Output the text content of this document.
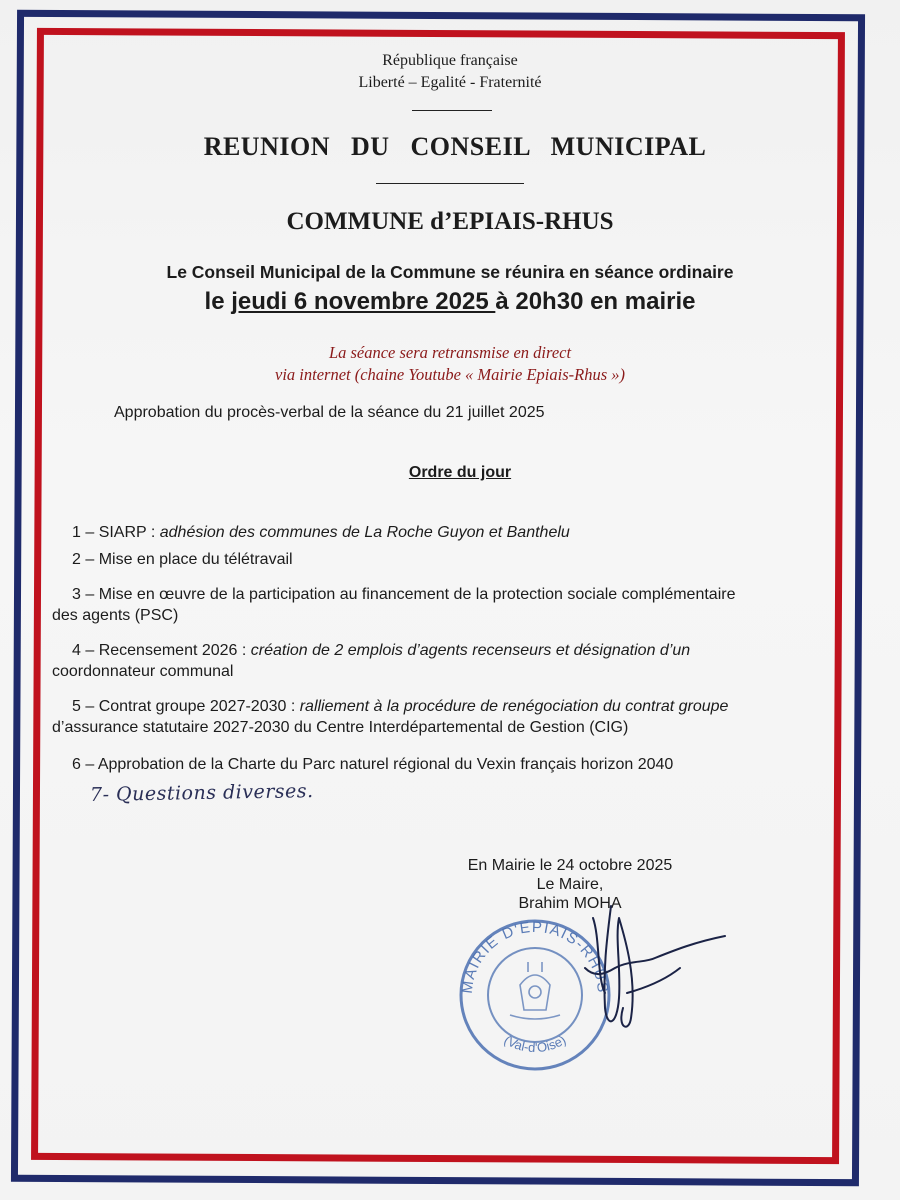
République française
Liberté – Egalité - Fraternité
REUNION DU CONSEIL MUNICIPAL
COMMUNE d’EPIAIS-RHUS
Le Conseil Municipal de la Commune se réunira en séance ordinaire
le jeudi 6 novembre 2025 à 20h30 en mairie
La séance sera retransmise en direct
via internet (chaine Youtube « Mairie Epiais-Rhus »)
Approbation du procès-verbal de la séance du 21 juillet 2025
Ordre du jour
1 – SIARP : adhésion des communes de La Roche Guyon et Banthelu
2 – Mise en place du télétravail
3 – Mise en œuvre de la participation au financement de la protection sociale complémentaire
des agents (PSC)
4 – Recensement 2026 : création de 2 emplois d’agents recenseurs et désignation d’un
coordonnateur communal
5 – Contrat groupe 2027-2030 : ralliement à la procédure de renégociation du contrat groupe
d’assurance statutaire 2027-2030 du Centre Interdépartemental de Gestion (CIG)
6 – Approbation de la Charte du Parc naturel régional du Vexin français horizon 2040
7- Questions diverses.
En Mairie le 24 octobre 2025
Le Maire,
Brahim MOHA
MAIRIE D'EPIAIS-RHUS
(Val-d'Oise)
